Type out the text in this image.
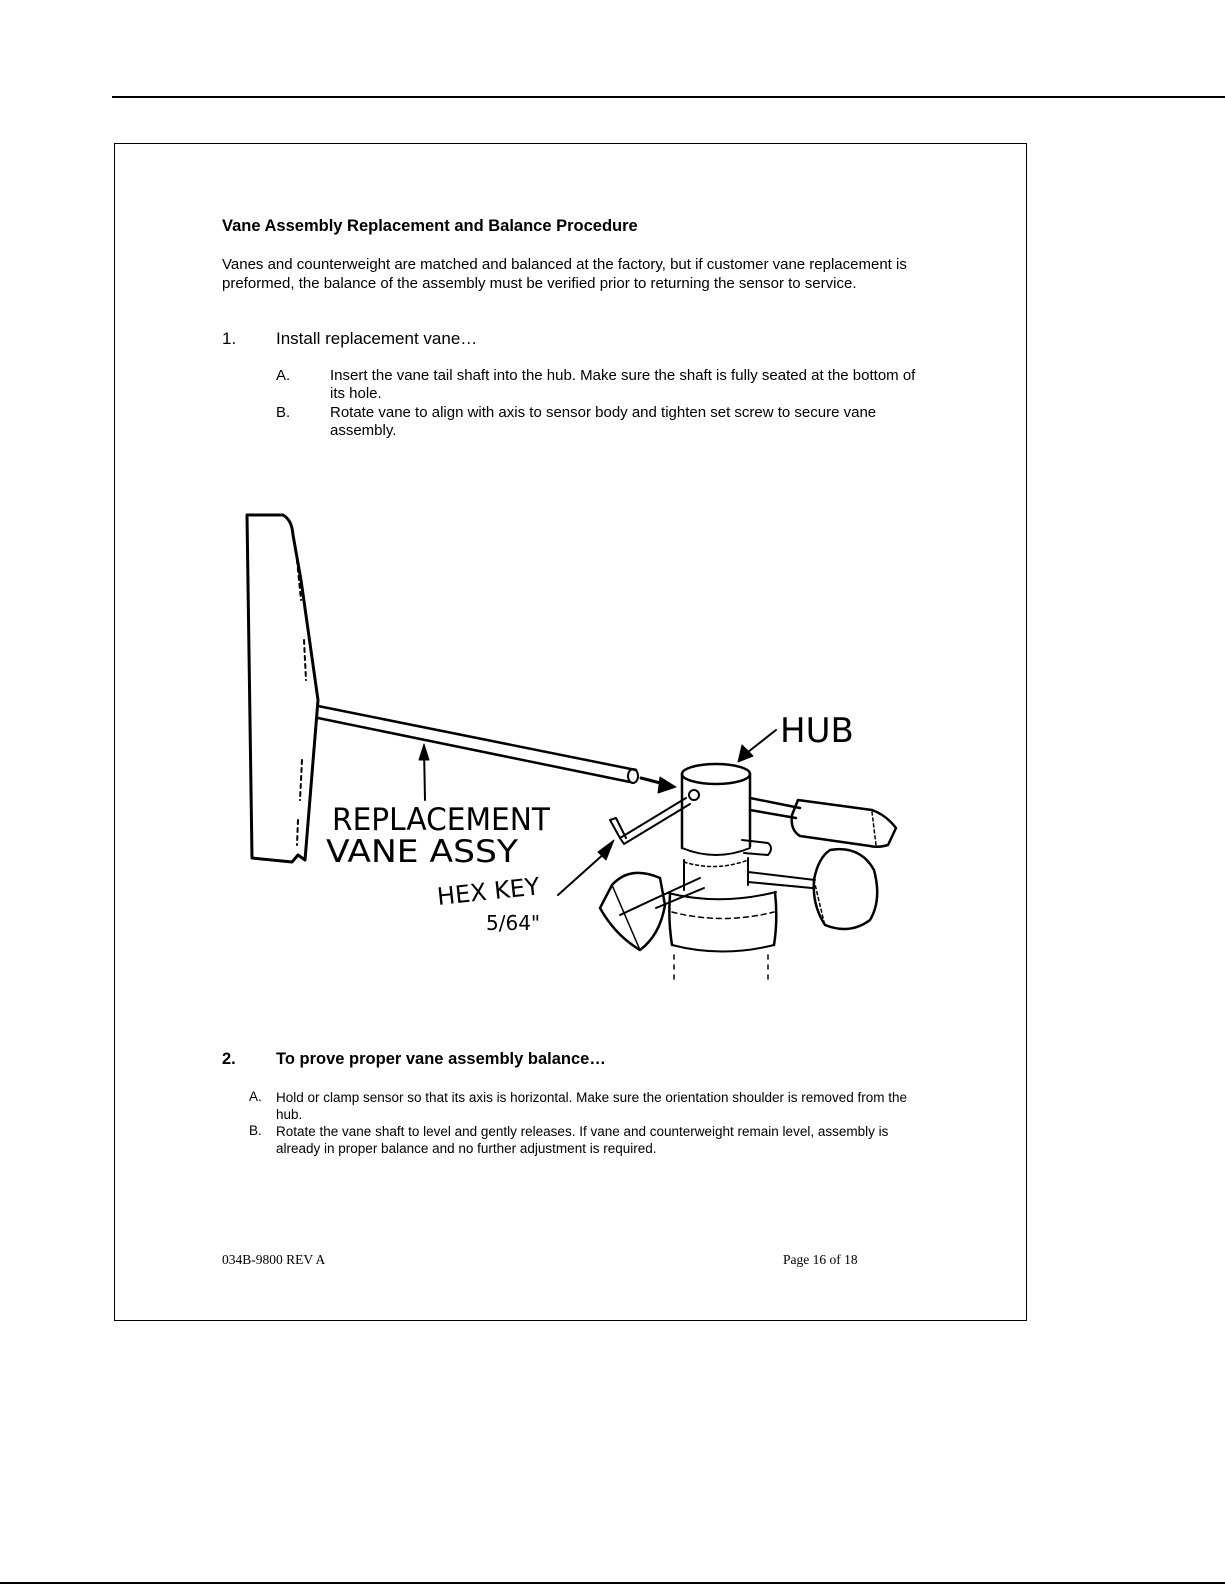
Vane Assembly Replacement and Balance Procedure
Vanes and counterweight are matched and balanced at the factory, but if customer vane replacement is preformed, the balance of the assembly must be verified prior to returning the sensor to service.
1. Install replacement vane…
A.	Insert the vane tail shaft into the hub. Make sure the shaft is fully seated at the bottom of its hole.
B.	Rotate vane to align with axis to sensor body and tighten set screw to secure vane assembly.
HUB
REPLACEMENT
VANE ASSY
HEX KEY
5/64"
2. To prove proper vane assembly balance…
A. Hold or clamp sensor so that its axis is horizontal. Make sure the orientation shoulder is removed from the hub.
B. Rotate the vane shaft to level and gently releases. If vane and counterweight remain level, assembly is already in proper balance and no further adjustment is required.
034B-9800 REV A	Page 16 of 18
